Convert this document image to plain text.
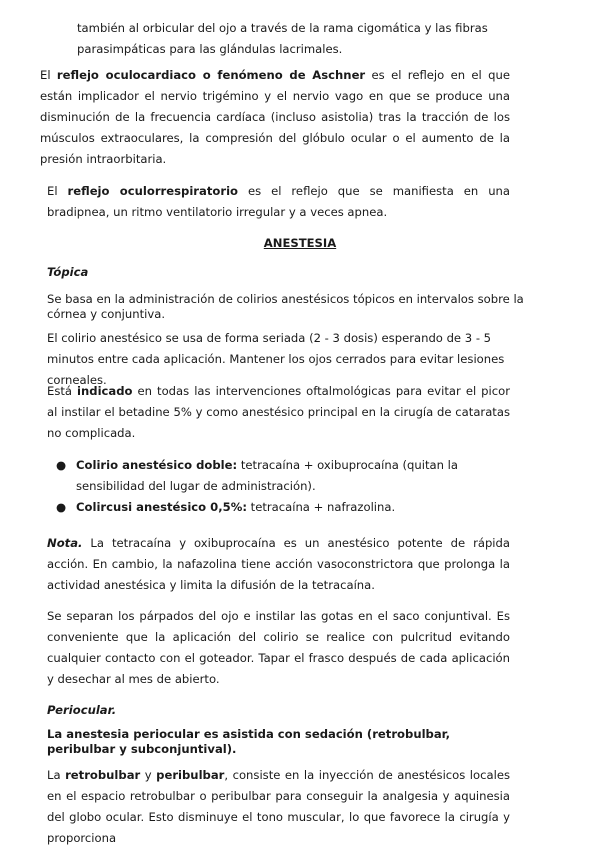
también al orbicular del ojo a través de la rama cigomática y las fibras

parasimpáticas para las glándulas lacrimales.

El reflejo oculocardiaco o fenómeno de Aschner es el reflejo en el que están implicador el nervio trigémino y el nervio vago en que se produce una disminución de la frecuencia cardíaca (incluso asistolia) tras la tracción de los músculos extraoculares, la compresión del glóbulo ocular o el aumento de la presión intraorbitaria.

El reflejo oculorrespiratorio es el reflejo que se manifiesta en una bradipnea, un ritmo ventilatorio irregular y a veces apnea.

ANESTESIA

Tópica

Se basa en la administración de colirios anestésicos tópicos en intervalos sobre la córnea y conjuntiva.

El colirio anestésico se usa de forma seriada (2 - 3 dosis) esperando de 3 - 5 minutos entre cada aplicación. Mantener los ojos cerrados para evitar lesiones corneales.

Está indicado en todas las intervenciones oftalmológicas para evitar el picor al instilar el betadine 5% y como anestésico principal en la cirugía de cataratas no complicada.

● Colirio anestésico doble: tetracaína + oxibuprocaína (quitan la sensibilidad del lugar de administración).
● Colircusi anestésico 0,5%: tetracaína + nafrazolina.

Nota. La tetracaína y oxibuprocaína es un anestésico potente de rápida acción. En cambio, la nafazolina tiene acción vasoconstrictora que prolonga la actividad anestésica y limita la difusión de la tetracaína.

Se separan los párpados del ojo e instilar las gotas en el saco conjuntival. Es conveniente que la aplicación del colirio se realice con pulcritud evitando cualquier contacto con el goteador. Tapar el frasco después de cada aplicación y desechar al mes de abierto.

Periocular.

La anestesia periocular es asistida con sedación (retrobulbar, peribulbar y subconjuntival).

La retrobulbar y peribulbar, consiste en la inyección de anestésicos locales en el espacio retrobulbar o peribulbar para conseguir la analgesia y aquinesia del globo ocular. Esto disminuye el tono muscular, lo que favorece la cirugía y proporciona
